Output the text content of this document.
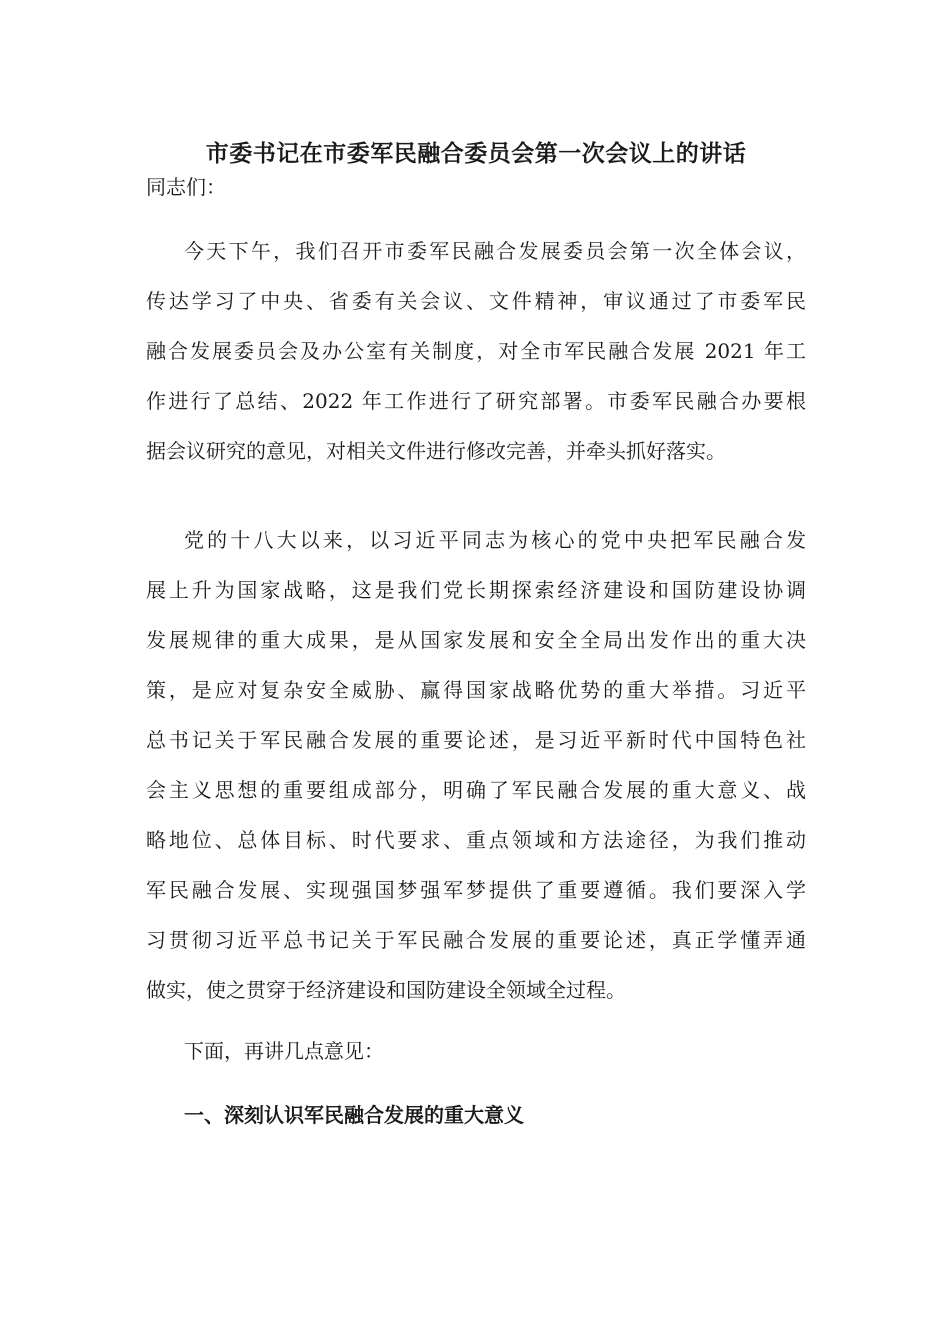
市委书记在市委军民融合委员会第一次会议上的讲话
同志们：
今天下午，我们召开市委军民融合发展委员会第一次全体会议，
传达学习了中央、省委有关会议、文件精神，审议通过了市委军民
融合发展委员会及办公室有关制度，对全市军民融合发展 2021 年工
作进行了总结、2022 年工作进行了研究部署。市委军民融合办要根
据会议研究的意见，对相关文件进行修改完善，并牵头抓好落实。
党的十八大以来，以习近平同志为核心的党中央把军民融合发
展上升为国家战略，这是我们党长期探索经济建设和国防建设协调
发展规律的重大成果，是从国家发展和安全全局出发作出的重大决
策，是应对复杂安全威胁、赢得国家战略优势的重大举措。习近平
总书记关于军民融合发展的重要论述，是习近平新时代中国特色社
会主义思想的重要组成部分，明确了军民融合发展的重大意义、战
略地位、总体目标、时代要求、重点领域和方法途径，为我们推动
军民融合发展、实现强国梦强军梦提供了重要遵循。我们要深入学
习贯彻习近平总书记关于军民融合发展的重要论述，真正学懂弄通
做实，使之贯穿于经济建设和国防建设全领域全过程。
下面，再讲几点意见：
一、深刻认识军民融合发展的重大意义
